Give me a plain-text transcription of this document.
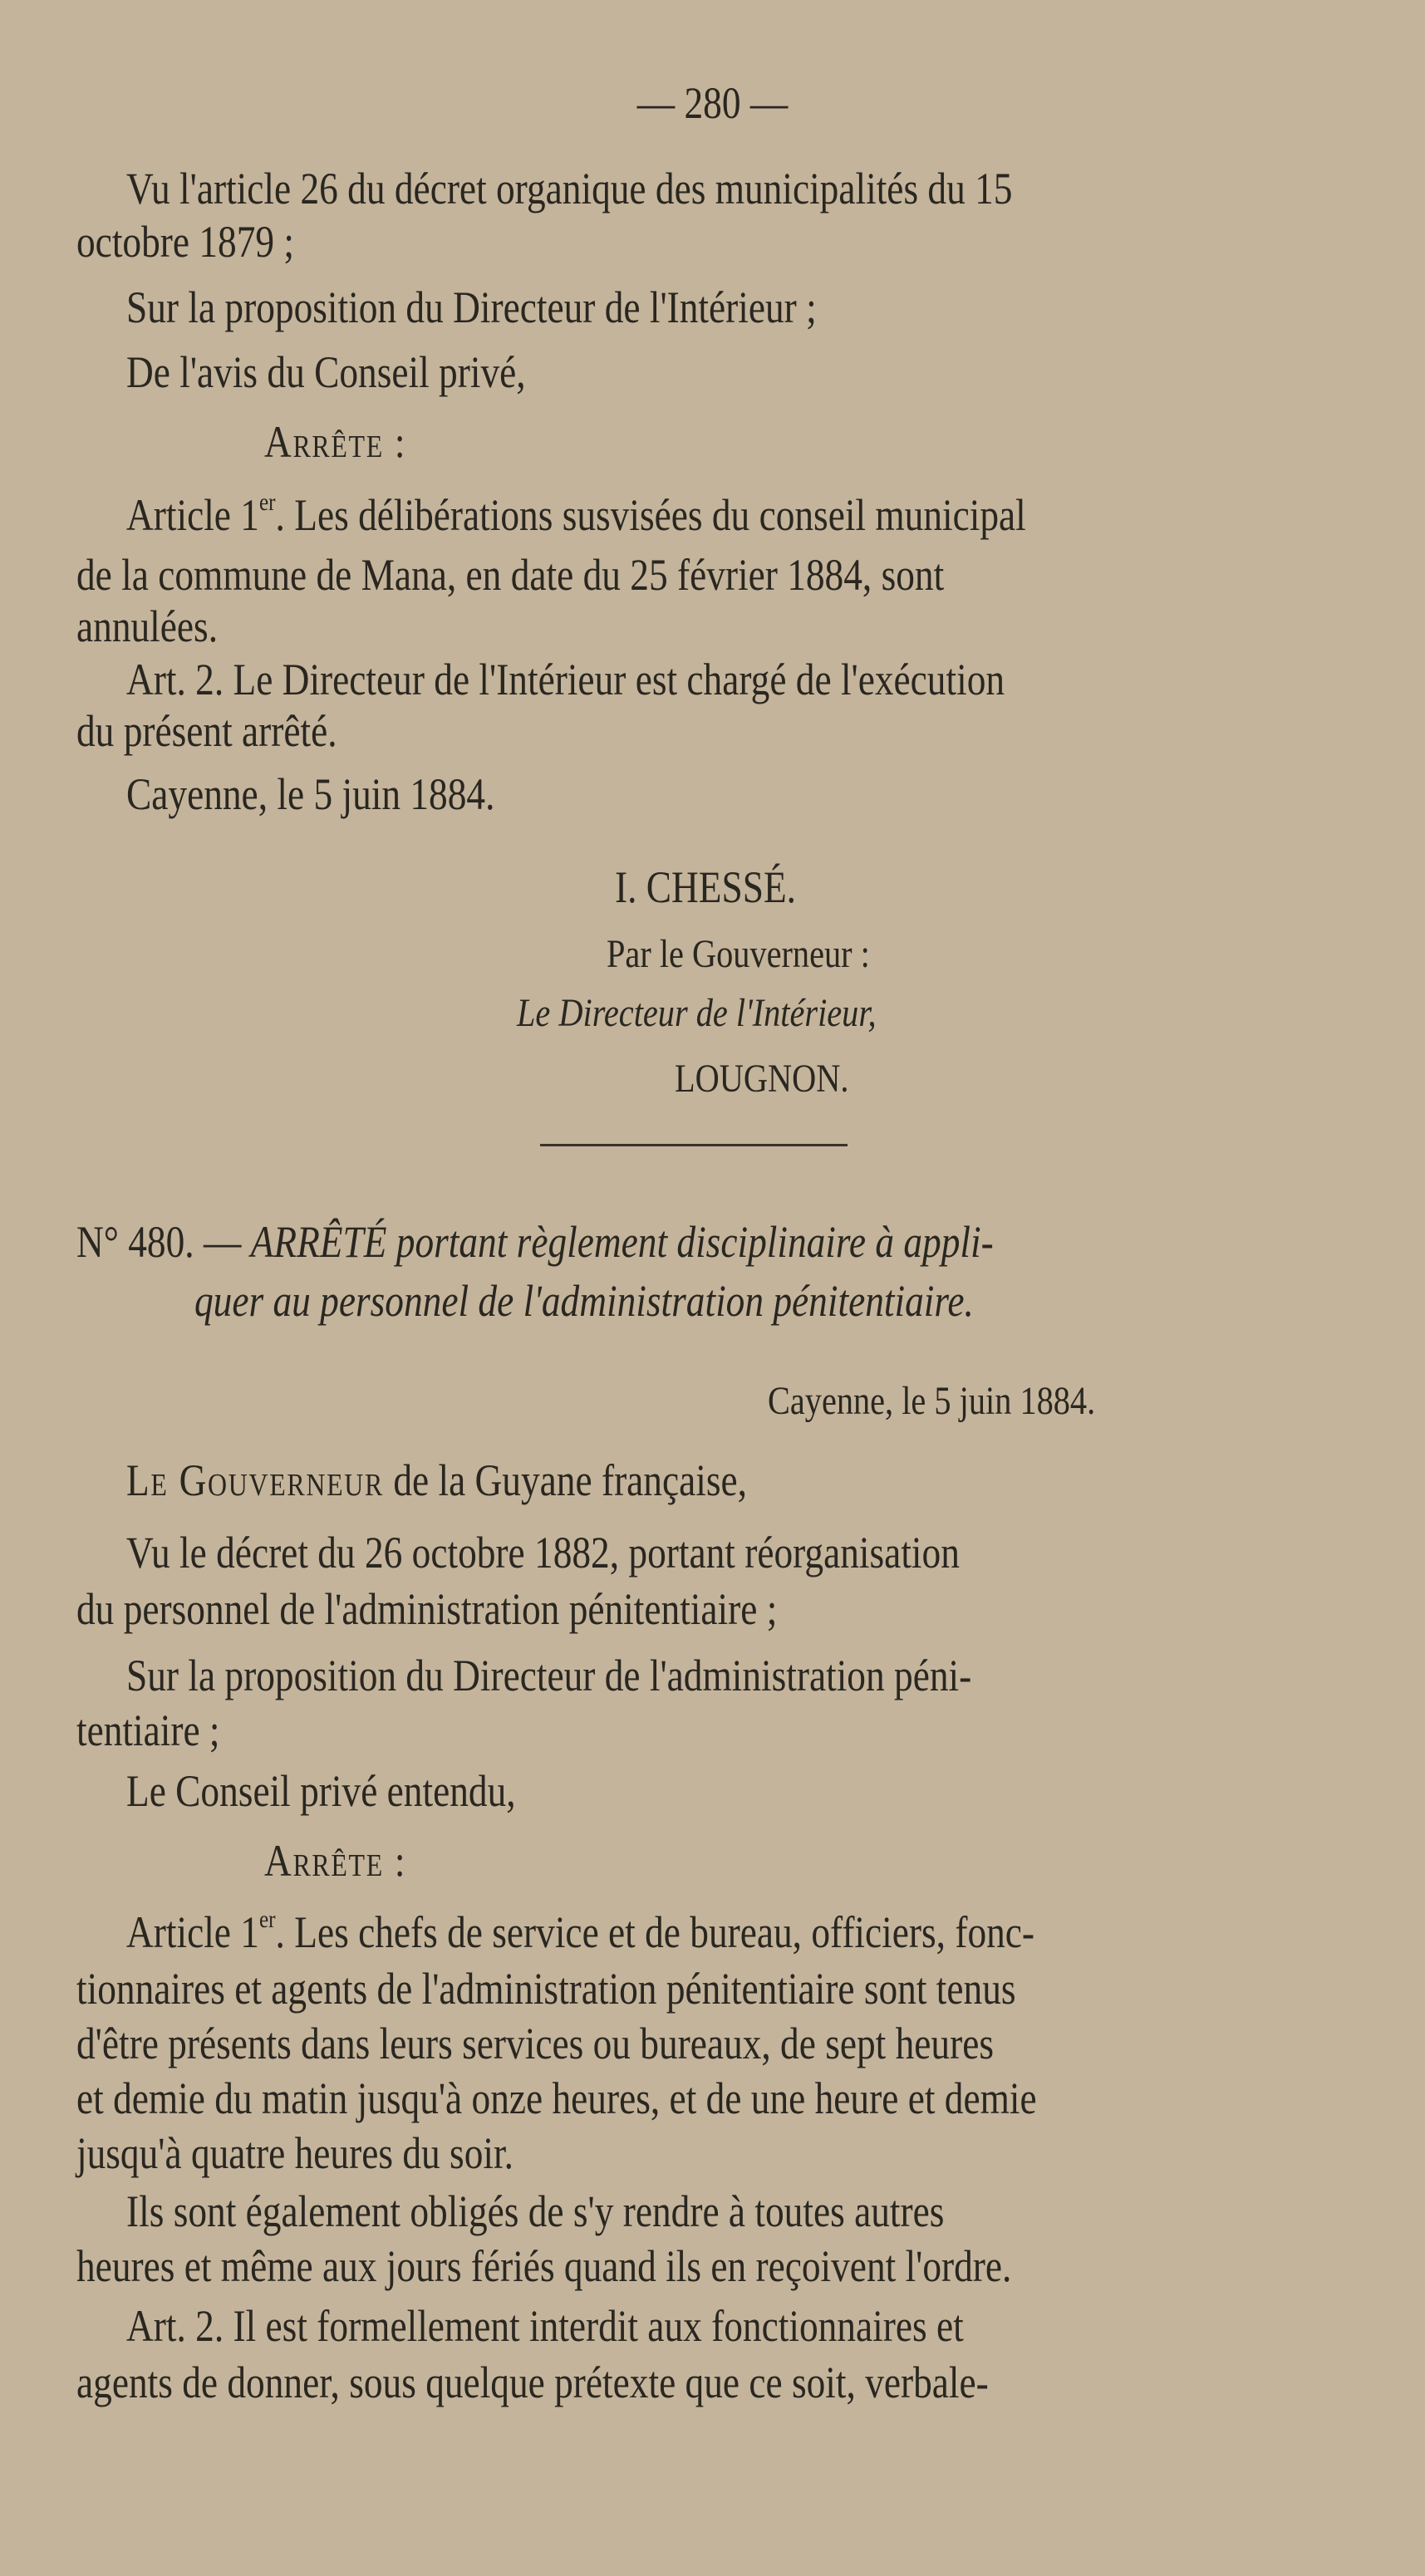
— 280 —

Vu l'article 26 du décret organique des municipalités du 15

octobre 1879 ;

Sur la proposition du Directeur de l'Intérieur ;

De l'avis du Conseil privé,

Arrête :

Article 1er. Les délibérations susvisées du conseil municipal

de la commune de Mana, en date du 25 février 1884, sont

annulées.

Art. 2. Le Directeur de l'Intérieur est chargé de l'exécution

du présent arrêté.

Cayenne, le 5 juin 1884.

I. CHESSÉ.

Par le Gouverneur :

Le Directeur de l'Intérieur,

LOUGNON.

N° 480. — ARRÊTÉ portant règlement disciplinaire à appli-

quer au personnel de l'administration pénitentiaire.

Cayenne, le 5 juin 1884.

Le Gouverneur de la Guyane française,

Vu le décret du 26 octobre 1882, portant réorganisation

du personnel de l'administration pénitentiaire ;

Sur la proposition du Directeur de l'administration péni-

tentiaire ;

Le Conseil privé entendu,

Arrête :

Article 1er. Les chefs de service et de bureau, officiers, fonc-

tionnaires et agents de l'administration pénitentiaire sont tenus

d'être présents dans leurs services ou bureaux, de sept heures

et demie du matin jusqu'à onze heures, et de une heure et demie

jusqu'à quatre heures du soir.

Ils sont également obligés de s'y rendre à toutes autres

heures et même aux jours fériés quand ils en reçoivent l'ordre.

Art. 2. Il est formellement interdit aux fonctionnaires et

agents de donner, sous quelque prétexte que ce soit, verbale-
